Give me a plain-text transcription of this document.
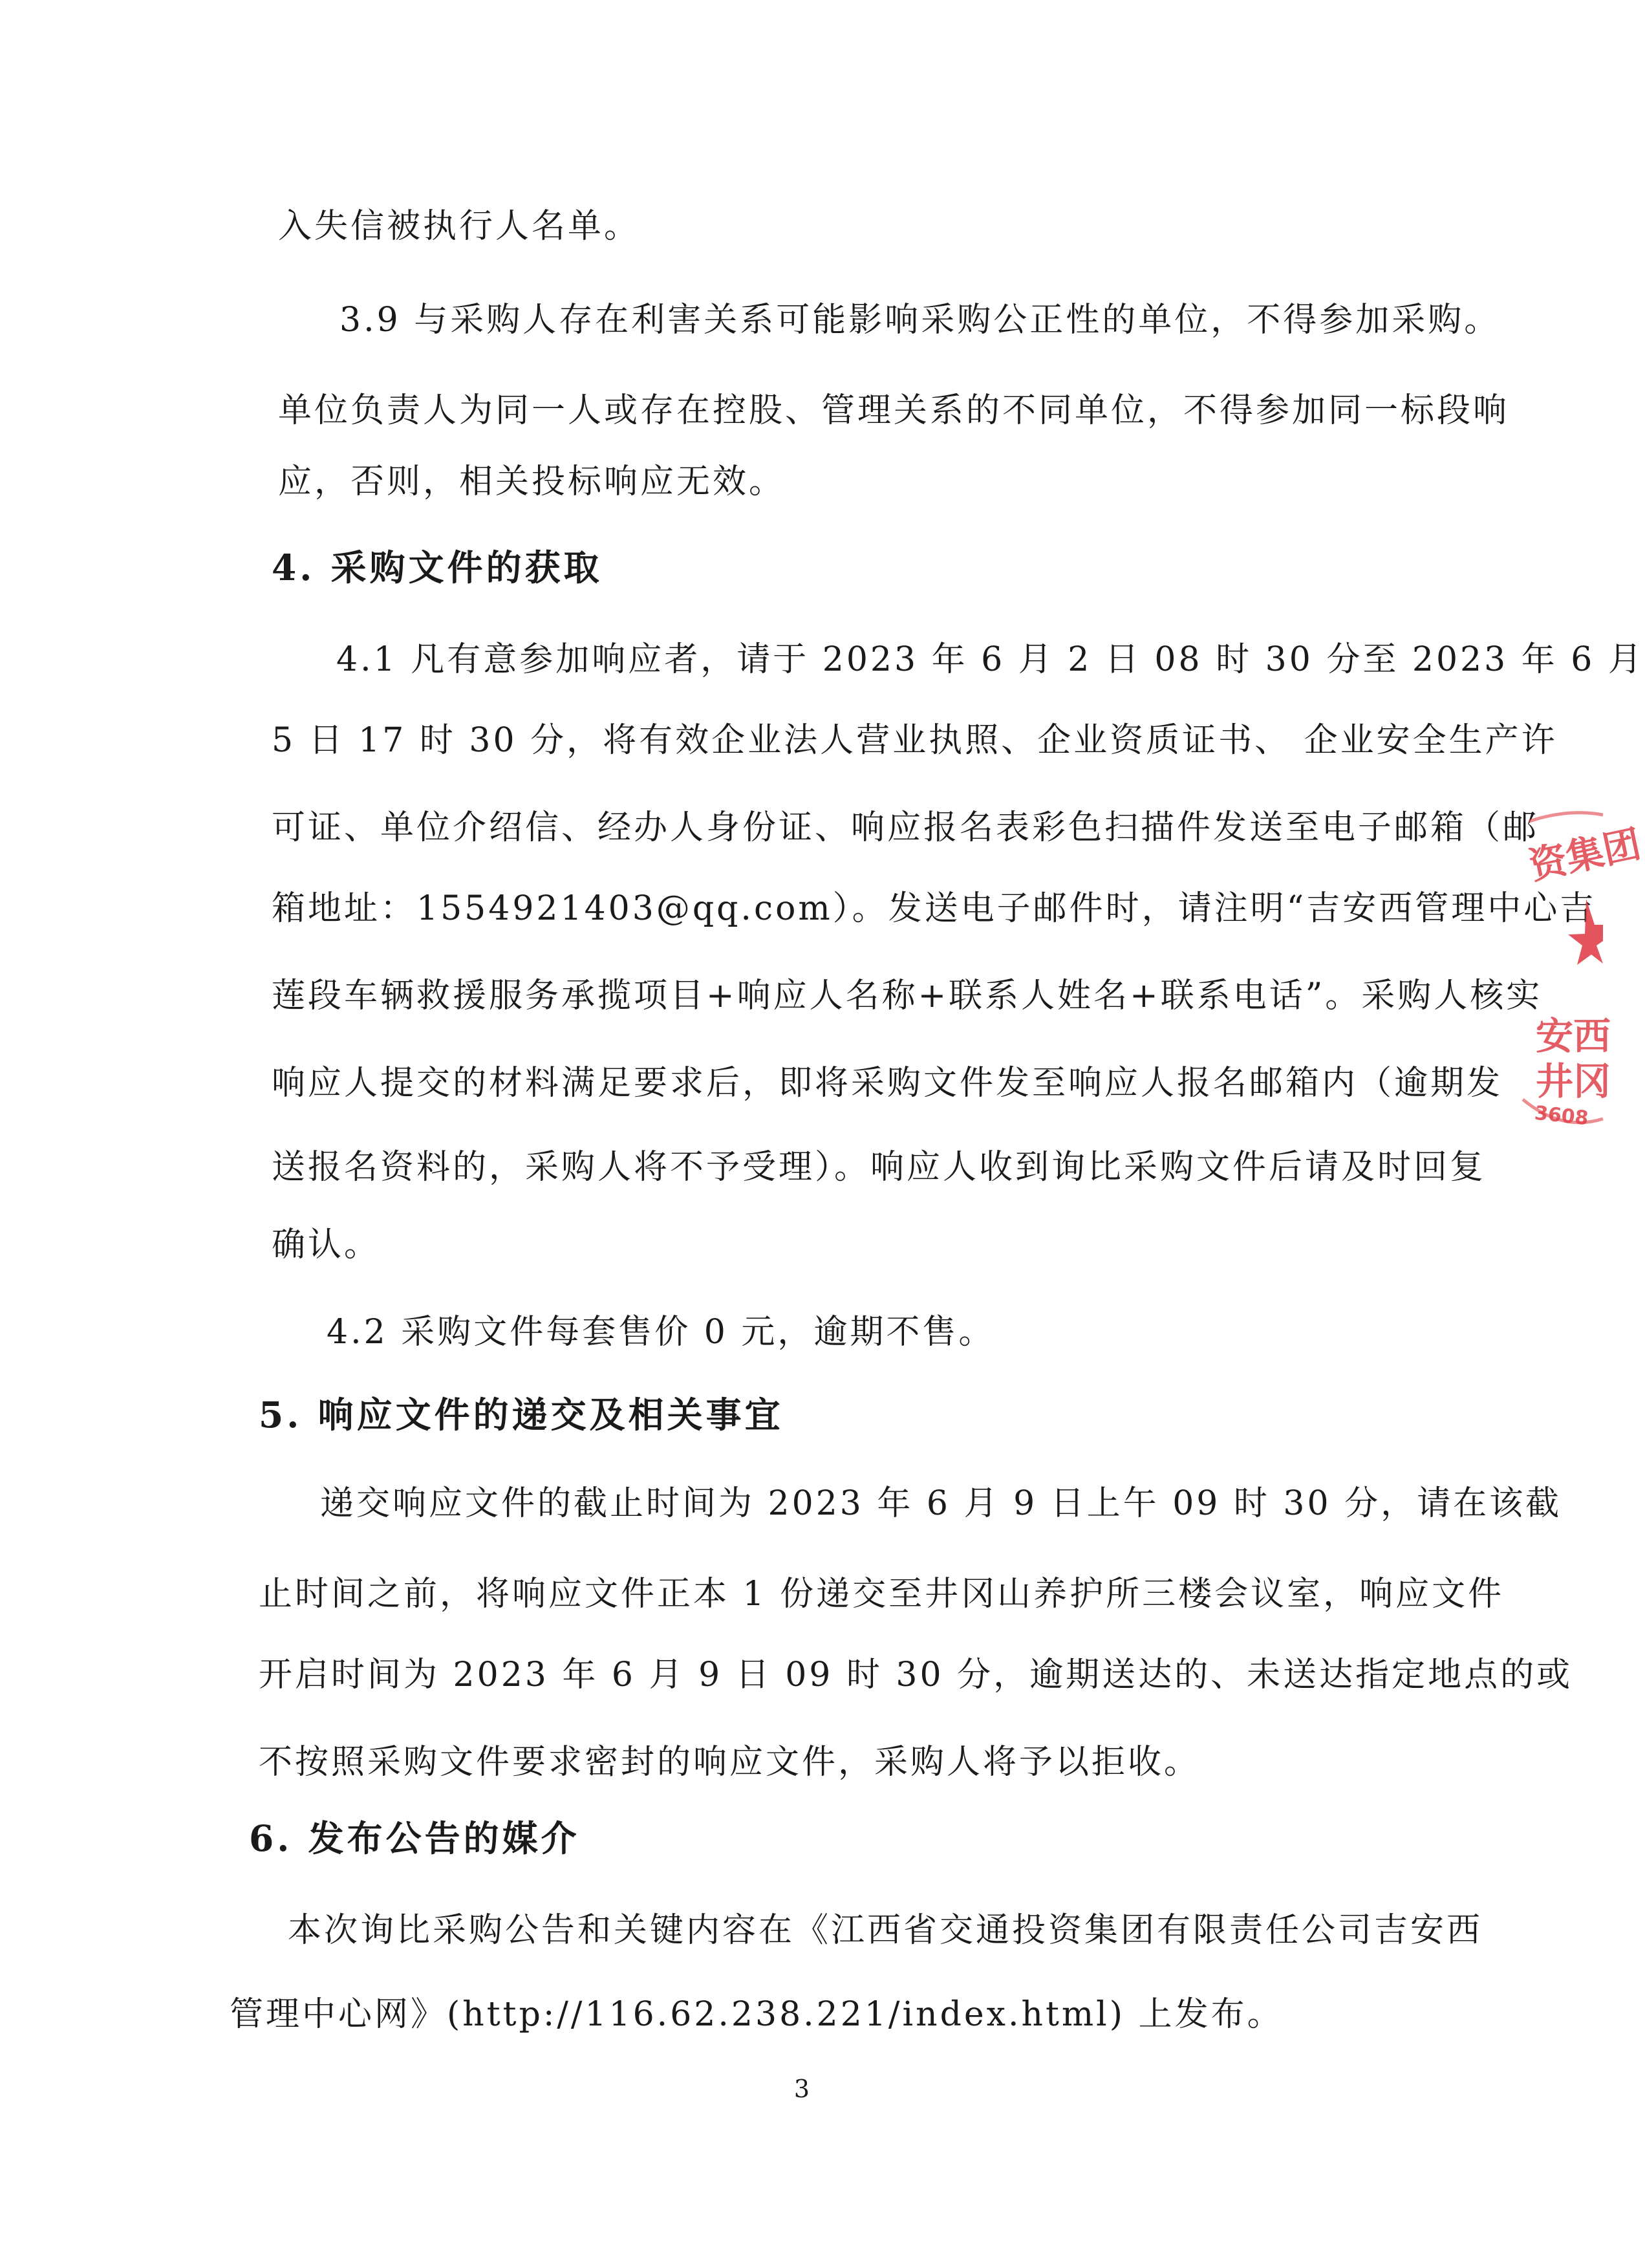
入失信被执行人名单。
3.9 与采购人存在利害关系可能影响采购公正性的单位，不得参加采购。
单位负责人为同一人或存在控股、管理关系的不同单位，不得参加同一标段响
应，否则，相关投标响应无效。
4. 采购文件的获取
4.1 凡有意参加响应者，请于 2023 年 6 月 2 日 08 时 30 分至 2023 年 6 月
5 日 17 时 30 分，将有效企业法人营业执照、企业资质证书、 企业安全生产许
可证、单位介绍信、经办人身份证、响应报名表彩色扫描件发送至电子邮箱（邮
箱地址：1554921403@qq.com）。发送电子邮件时，请注明“吉安西管理中心吉
莲段车辆救援服务承揽项目+响应人名称+联系人姓名+联系电话”。采购人核实
响应人提交的材料满足要求后，即将采购文件发至响应人报名邮箱内（逾期发
送报名资料的，采购人将不予受理）。响应人收到询比采购文件后请及时回复
确认。
4.2 采购文件每套售价 0 元，逾期不售。
5. 响应文件的递交及相关事宜
递交响应文件的截止时间为 2023 年 6 月 9 日上午 09 时 30 分，请在该截
止时间之前，将响应文件正本 1 份递交至井冈山养护所三楼会议室，响应文件
开启时间为 2023 年 6 月 9 日 09 时 30 分，逾期送达的、未送达指定地点的或
不按照采购文件要求密封的响应文件，采购人将予以拒收。
6. 发布公告的媒介
本次询比采购公告和关键内容在《江西省交通投资集团有限责任公司吉安西
管理中心网》(http://116.62.238.221/index.html) 上发布。
3
资集团
安西
井冈
3608
